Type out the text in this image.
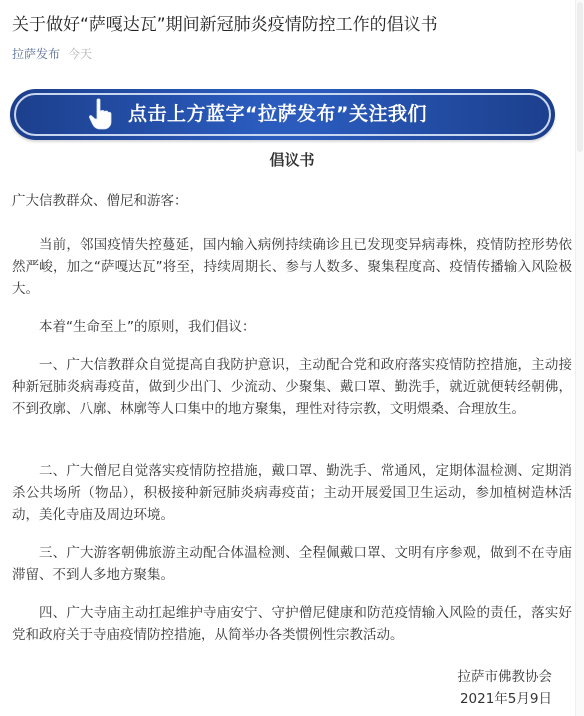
关于做好“萨嘎达瓦”期间新冠肺炎疫情防控工作的倡议书
拉萨发布 今天
点击上方蓝字“拉萨发布”关注我们
倡议书
广大信教群众、僧尼和游客：
当前，邻国疫情失控蔓延，国内输入病例持续确诊且已发现变异病毒株，疫情防控形势依然严峻，加之“萨嘎达瓦”将至，持续周期长、参与人数多、聚集程度高、疫情传播输入风险极大。
本着“生命至上”的原则，我们倡议：
一、广大信教群众自觉提高自我防护意识，主动配合党和政府落实疫情防控措施，主动接种新冠肺炎病毒疫苗，做到少出门、少流动、少聚集、戴口罩、勤洗手，就近就便转经朝佛，不到孜廓、八廓、林廓等人口集中的地方聚集，理性对待宗教，文明煨桑、合理放生。
二、广大僧尼自觉落实疫情防控措施，戴口罩、勤洗手、常通风，定期体温检测、定期消杀公共场所（物品），积极接种新冠肺炎病毒疫苗；主动开展爱国卫生运动，参加植树造林活动，美化寺庙及周边环境。
三、广大游客朝佛旅游主动配合体温检测、全程佩戴口罩、文明有序参观，做到不在寺庙滞留、不到人多地方聚集。
四、广大寺庙主动扛起维护寺庙安宁、守护僧尼健康和防范疫情输入风险的责任，落实好党和政府关于寺庙疫情防控措施，从简举办各类惯例性宗教活动。
拉萨市佛教协会
2021年5月9日
